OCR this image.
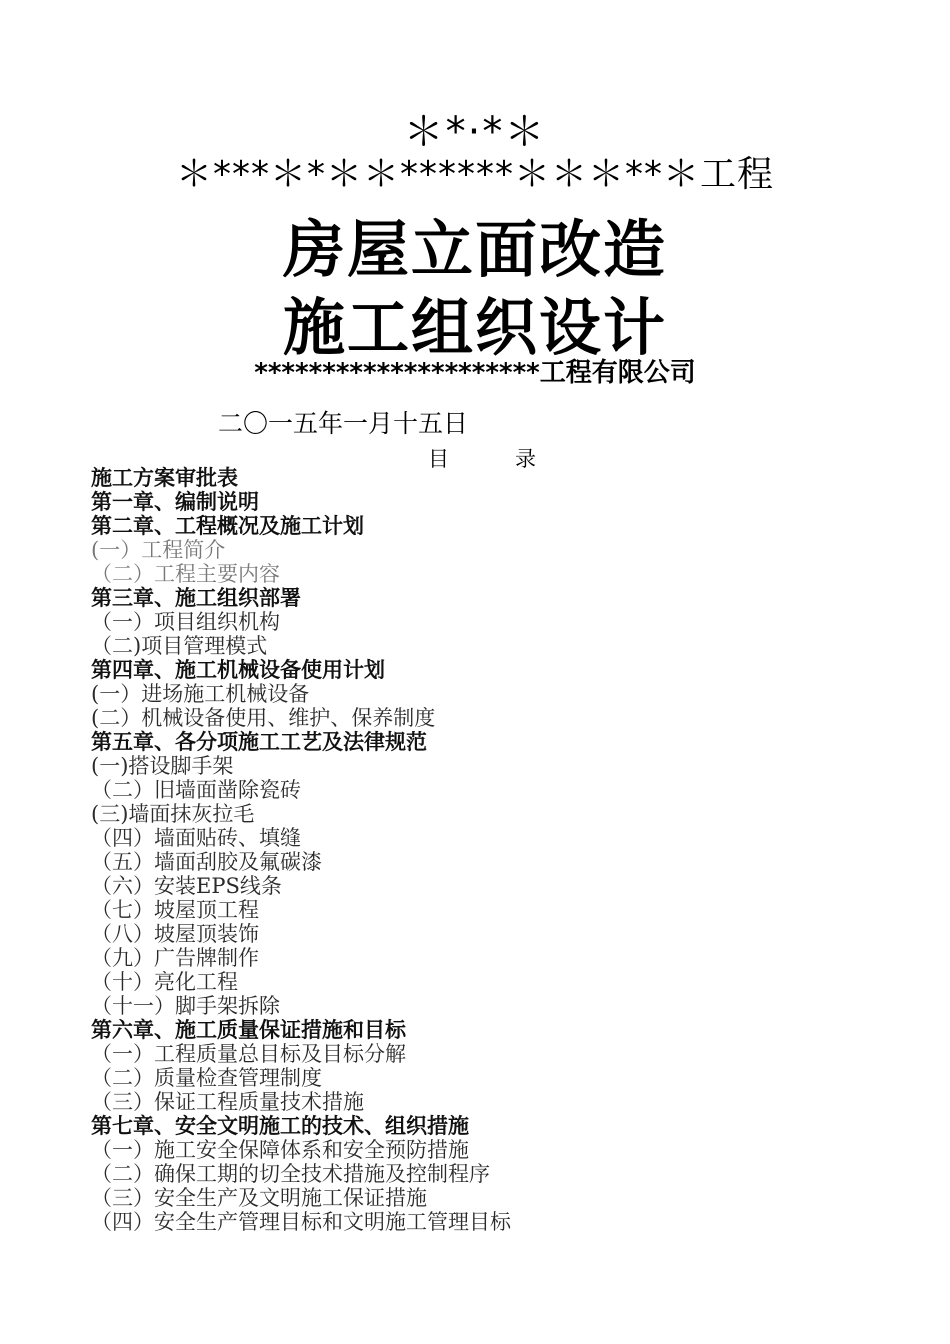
＊*·*＊
＊***＊*＊＊******＊＊＊**＊工程
房屋立面改造
施工组织设计
*********************工程有限公司
二〇一五年一月十五日
目	录
施工方案审批表
第一章、编制说明
第二章、工程概况及施工计划
(一）工程简介
（二）工程主要内容
第三章、施工组织部署
（一）项目组织机构
（二)项目管理模式
第四章、施工机械设备使用计划
(一）进场施工机械设备
(二）机械设备使用、维护、保养制度
第五章、各分项施工工艺及法律规范
(一)搭设脚手架
（二）旧墙面凿除瓷砖
(三)墙面抹灰拉毛
（四）墙面贴砖、填缝
（五）墙面刮胶及氟碳漆
（六）安装EPS线条
（七）坡屋顶工程
（八）坡屋顶装饰
（九）广告牌制作
（十）亮化工程
（十一）脚手架拆除
第六章、施工质量保证措施和目标
（一）工程质量总目标及目标分解
（二）质量检查管理制度
（三）保证工程质量技术措施
第七章、安全文明施工的技术、组织措施
（一）施工安全保障体系和安全预防措施
（二）确保工期的切全技术措施及控制程序
（三）安全生产及文明施工保证措施
（四）安全生产管理目标和文明施工管理目标
